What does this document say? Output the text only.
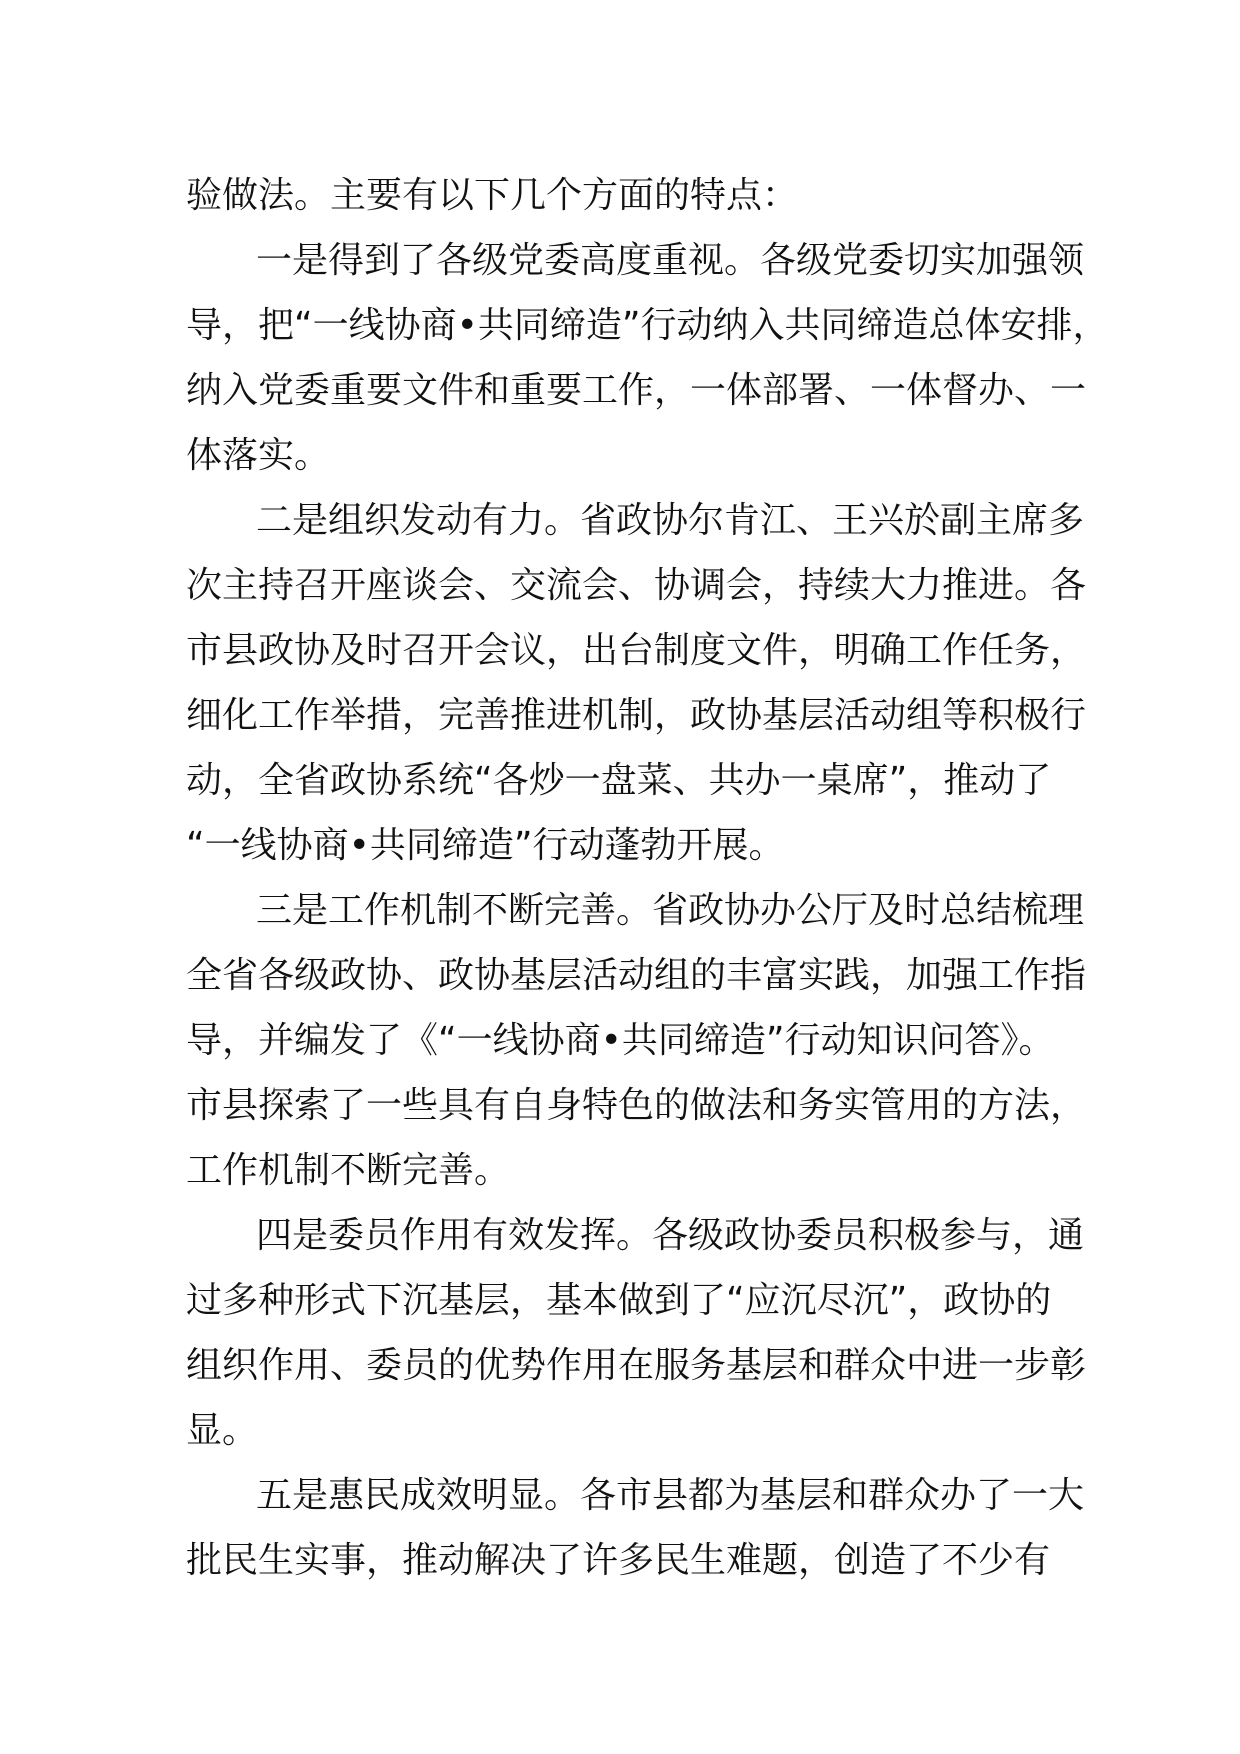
验做法。主要有以下几个方面的特点：
一是得到了各级党委高度重视。各级党委切实加强领
导，把“一线协商•共同缔造”行动纳入共同缔造总体安排，
纳入党委重要文件和重要工作，一体部署、一体督办、一
体落实。
二是组织发动有力。省政协尔肯江、王兴於副主席多
次主持召开座谈会、交流会、协调会，持续大力推进。各
市县政协及时召开会议，出台制度文件，明确工作任务，
细化工作举措，完善推进机制，政协基层活动组等积极行
动，全省政协系统“各炒一盘菜、共办一桌席”，推动了
“一线协商•共同缔造”行动蓬勃开展。
三是工作机制不断完善。省政协办公厅及时总结梳理
全省各级政协、政协基层活动组的丰富实践，加强工作指
导，并编发了《“一线协商•共同缔造”行动知识问答》。
市县探索了一些具有自身特色的做法和务实管用的方法，
工作机制不断完善。
四是委员作用有效发挥。各级政协委员积极参与，通
过多种形式下沉基层，基本做到了“应沉尽沉”，政协的
组织作用、委员的优势作用在服务基层和群众中进一步彰
显。
五是惠民成效明显。各市县都为基层和群众办了一大
批民生实事，推动解决了许多民生难题，创造了不少有
